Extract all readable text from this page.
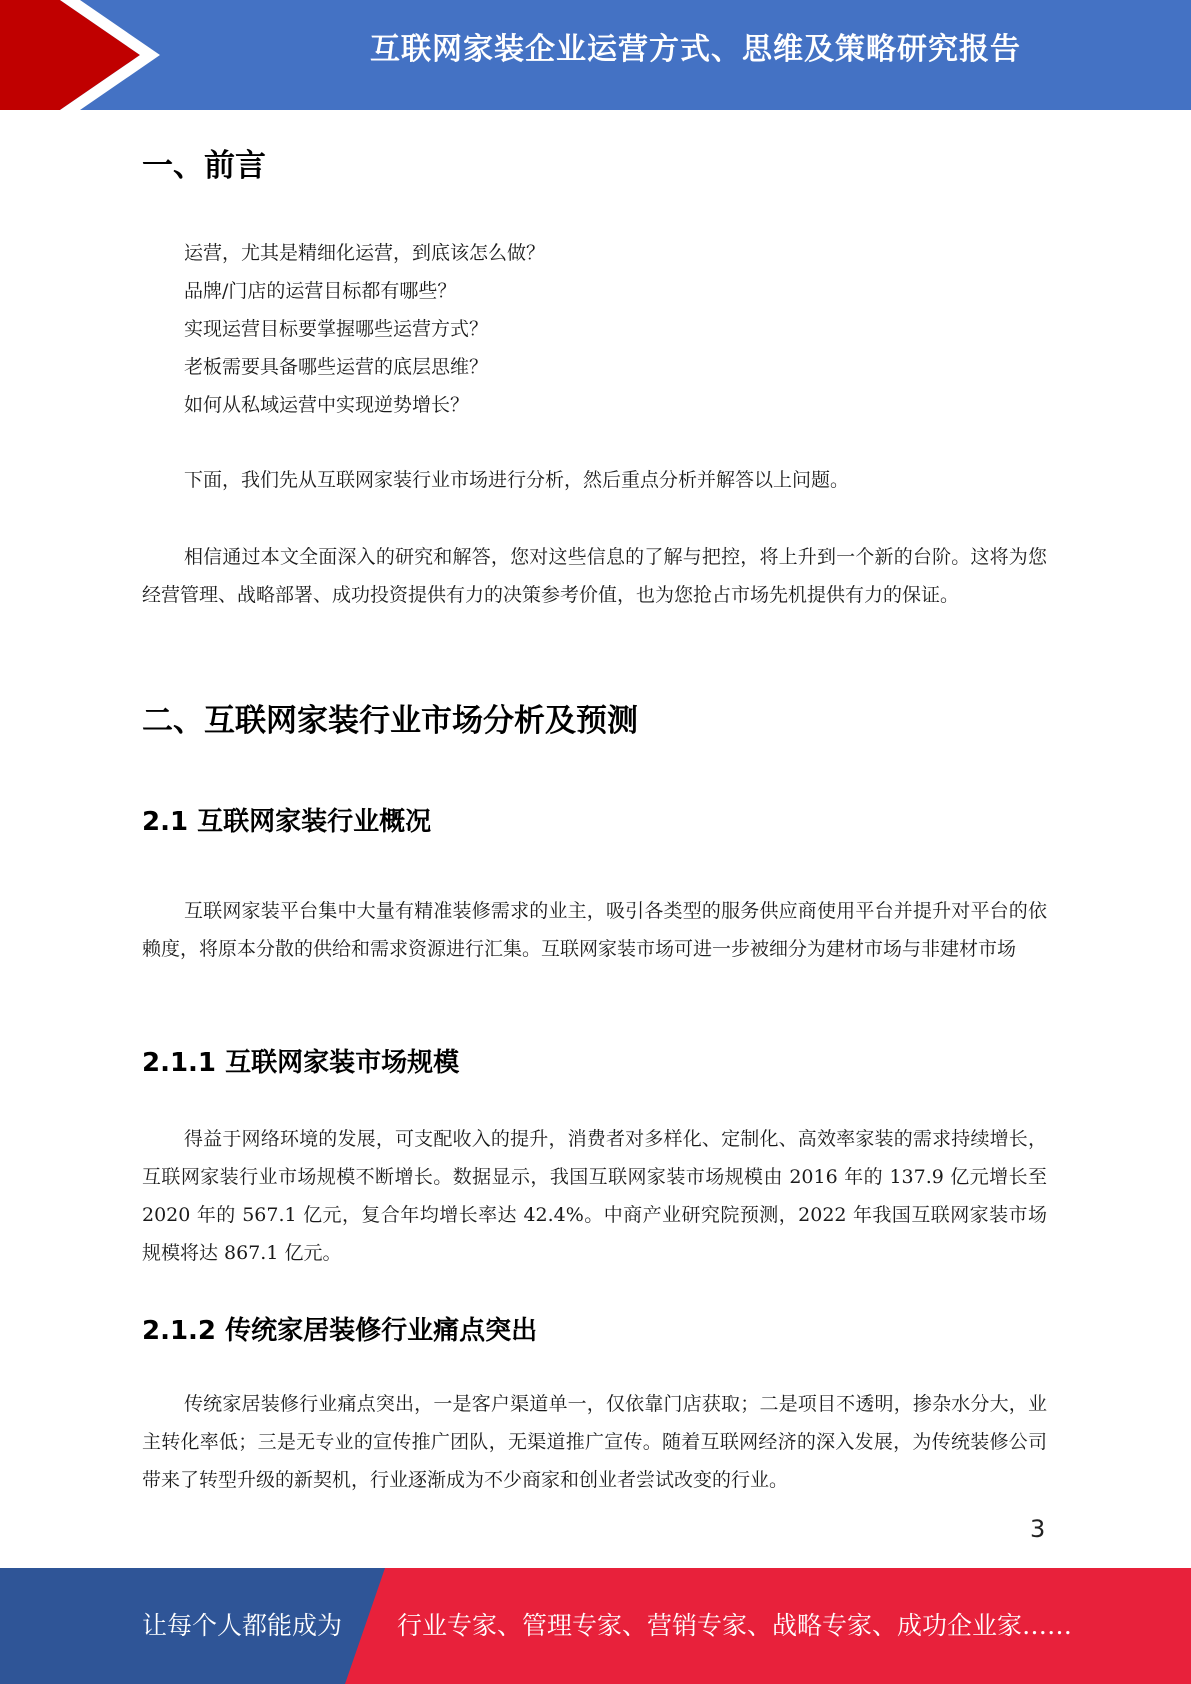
互联网家装企业运营方式、思维及策略研究报告
一、前言
运营，尤其是精细化运营，到底该怎么做？
品牌/门店的运营目标都有哪些？
实现运营目标要掌握哪些运营方式？
老板需要具备哪些运营的底层思维？
如何从私域运营中实现逆势增长？

下面，我们先从互联网家装行业市场进行分析，然后重点分析并解答以上问题。

相信通过本文全面深入的研究和解答，您对这些信息的了解与把控，将上升到一个新的台阶。这将为您经营管理、战略部署、成功投资提供有力的决策参考价值，也为您抢占市场先机提供有力的保证。

二、互联网家装行业市场分析及预测
2.1 互联网家装行业概况

互联网家装平台集中大量有精准装修需求的业主，吸引各类型的服务供应商使用平台并提升对平台的依赖度，将原本分散的供给和需求资源进行汇集。互联网家装市场可进一步被细分为建材市场与非建材市场

2.1.1 互联网家装市场规模

得益于网络环境的发展，可支配收入的提升，消费者对多样化、定制化、高效率家装的需求持续增长，互联网家装行业市场规模不断增长。数据显示，我国互联网家装市场规模由 2016 年的 137.9 亿元增长至 2020 年的 567.1 亿元，复合年均增长率达 42.4%。中商产业研究院预测，2022 年我国互联网家装市场规模将达 867.1 亿元。

2.1.2 传统家居装修行业痛点突出

传统家居装修行业痛点突出，一是客户渠道单一，仅依靠门店获取；二是项目不透明，掺杂水分大，业主转化率低；三是无专业的宣传推广团队，无渠道推广宣传。随着互联网经济的深入发展，为传统装修公司带来了转型升级的新契机，行业逐渐成为不少商家和创业者尝试改变的行业。

3
让每个人都能成为 行业专家、管理专家、营销专家、战略专家、成功企业家……
